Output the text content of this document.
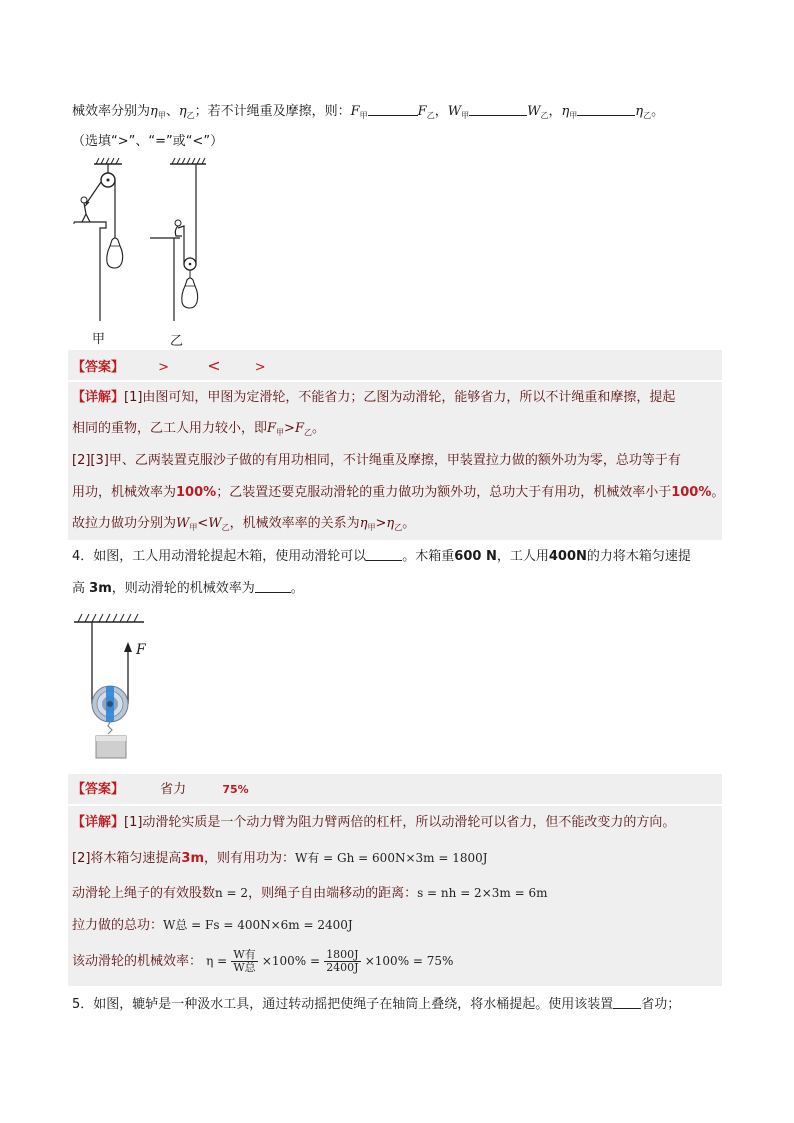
械效率分别为$\eta_甲$、$\eta_乙$；若不计绳重及摩擦，则：$F_甲$	$F_乙$，$W_甲$	$W_乙$，$\eta_甲$	$\eta_乙$。
（选填“>”、“=”或“<”）
甲	乙
【答案】	> <	>
【详解】[1]由图可知，甲图为定滑轮，不能省力；乙图为动滑轮，能够省力，所以不计绳重和摩擦，提起
相同的重物，乙工人用力较小，即$F_甲>F_乙$。
[2][3]甲、乙两装置克服沙子做的有用功相同，不计绳重及摩擦，甲装置拉力做的额外功为零，总功等于有
用功，机械效率为100%；乙装置还要克服动滑轮的重力做功为额外功，总功大于有用功，机械效率小于100%。
故拉力做功分别为$W_甲<W_乙$，机械效率率的关系为$\eta_甲>\eta_乙$。
4．如图，工人用动滑轮提起木箱，使用动滑轮可以	。木箱重600 N，工人用400N的力将木箱匀速提
高 3m，则动滑轮的机械效率为	。
F
【答案】	省力	75%
【详解】[1]动滑轮实质是一个动力臂为阻力臂两倍的杠杆，所以动滑轮可以省力，但不能改变力的方向。
[2]将木箱匀速提高3m，则有用功为：W有 = Gh = 600N×3m = 1800J
动滑轮上绳子的有效股数n = 2，则绳子自由端移动的距离：s = nh = 2×3m = 6m
拉力做的总功：W总 = Fs = 400N×6m = 2400J
该动滑轮的机械效率： $\eta = \frac{\text{W有}}{\text{W总}} \times 100\% = \frac{1800J}{2400J} \times 100\% = 75\%$
5．如图，辘轳是一种汲水工具，通过转动摇把使绳子在轴筒上叠绕，将水桶提起。使用该装置 省功；
